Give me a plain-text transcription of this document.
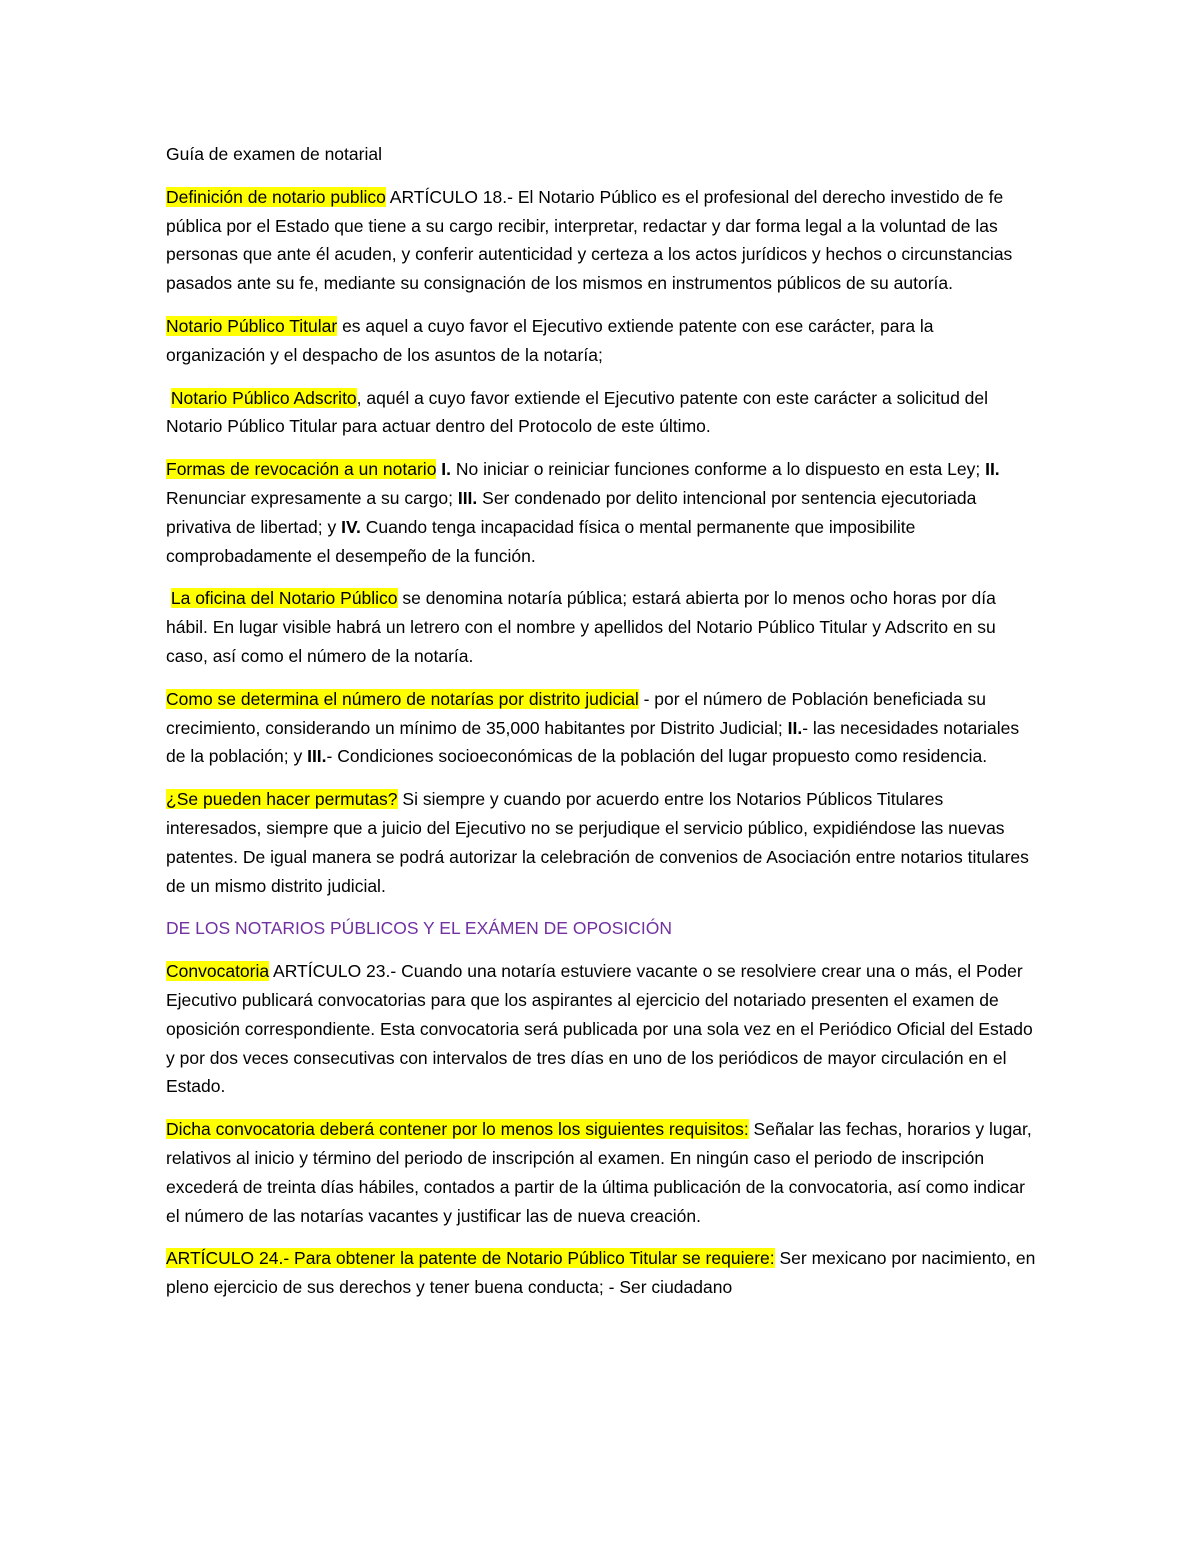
Guía de examen de notarial

Definición de notario publico ARTÍCULO 18.- El Notario Público es el profesional del derecho investido de fe pública por el Estado que tiene a su cargo recibir, interpretar, redactar y dar forma legal a la voluntad de las personas que ante él acuden, y conferir autenticidad y certeza a los actos jurídicos y hechos o circunstancias pasados ante su fe, mediante su consignación de los mismos en instrumentos públicos de su autoría.

Notario Público Titular es aquel a cuyo favor el Ejecutivo extiende patente con ese carácter, para la organización y el despacho de los asuntos de la notaría;

Notario Público Adscrito, aquél a cuyo favor extiende el Ejecutivo patente con este carácter a solicitud del Notario Público Titular para actuar dentro del Protocolo de este último.

Formas de revocación a un notario I. No iniciar o reiniciar funciones conforme a lo dispuesto en esta Ley; II. Renunciar expresamente a su cargo; III. Ser condenado por delito intencional por sentencia ejecutoriada privativa de libertad; y IV. Cuando tenga incapacidad física o mental permanente que imposibilite comprobadamente el desempeño de la función.

La oficina del Notario Público se denomina notaría pública; estará abierta por lo menos ocho horas por día hábil. En lugar visible habrá un letrero con el nombre y apellidos del Notario Público Titular y Adscrito en su caso, así como el número de la notaría.

Como se determina el número de notarías por distrito judicial - por el número de Población beneficiada su crecimiento, considerando un mínimo de 35,000 habitantes por Distrito Judicial; II.- las necesidades notariales de la población; y III.- Condiciones socioeconómicas de la población del lugar propuesto como residencia.

¿Se pueden hacer permutas? Si siempre y cuando por acuerdo entre los Notarios Públicos Titulares interesados, siempre que a juicio del Ejecutivo no se perjudique el servicio público, expidiéndose las nuevas patentes. De igual manera se podrá autorizar la celebración de convenios de Asociación entre notarios titulares de un mismo distrito judicial.

DE LOS NOTARIOS PÚBLICOS Y EL EXÁMEN DE OPOSICIÓN

Convocatoria ARTÍCULO 23.- Cuando una notaría estuviere vacante o se resolviere crear una o más, el Poder Ejecutivo publicará convocatorias para que los aspirantes al ejercicio del notariado presenten el examen de oposición correspondiente. Esta convocatoria será publicada por una sola vez en el Periódico Oficial del Estado y por dos veces consecutivas con intervalos de tres días en uno de los periódicos de mayor circulación en el Estado.

Dicha convocatoria deberá contener por lo menos los siguientes requisitos: Señalar las fechas, horarios y lugar, relativos al inicio y término del periodo de inscripción al examen. En ningún caso el periodo de inscripción excederá de treinta días hábiles, contados a partir de la última publicación de la convocatoria, así como indicar el número de las notarías vacantes y justificar las de nueva creación.

ARTÍCULO 24.- Para obtener la patente de Notario Público Titular se requiere: Ser mexicano por nacimiento, en pleno ejercicio de sus derechos y tener buena conducta; - Ser ciudadano
